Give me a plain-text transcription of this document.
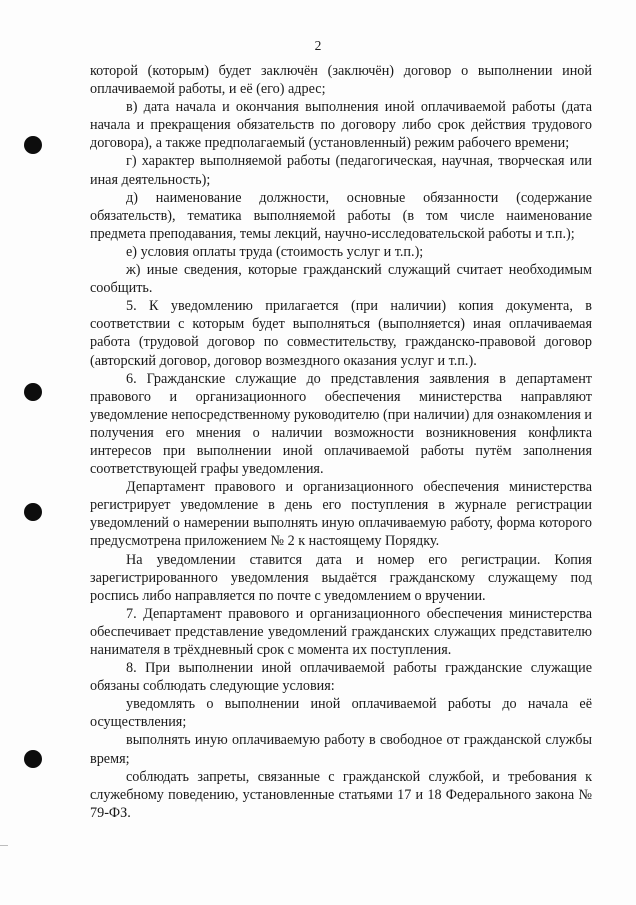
2

которой (которым) будет заключён (заключён) договор о выполнении иной оплачиваемой работы, и её (его) адрес;

в) дата начала и окончания выполнения иной оплачиваемой работы (дата начала и прекращения обязательств по договору либо срок действия трудового договора), а также предполагаемый (установленный) режим рабочего времени;

г) характер выполняемой работы (педагогическая, научная, творческая или иная деятельность);

д) наименование должности, основные обязанности (содержание обязательств), тематика выполняемой работы (в том числе наименование предмета преподавания, темы лекций, научно-исследовательской работы и т.п.);

е) условия оплаты труда (стоимость услуг и т.п.);

ж) иные сведения, которые гражданский служащий считает необходимым сообщить.

5. К уведомлению прилагается (при наличии) копия документа, в соответствии с которым будет выполняться (выполняется) иная оплачиваемая работа (трудовой договор по совместительству, гражданско-правовой договор (авторский договор, договор возмездного оказания услуг и т.п.).

6. Гражданские служащие до представления заявления в департамент правового и организационного обеспечения министерства направляют уведомление непосредственному руководителю (при наличии) для ознакомления и получения его мнения о наличии возможности возникновения конфликта интересов при выполнении иной оплачиваемой работы путём заполнения соответствующей графы уведомления.

Департамент правового и организационного обеспечения министерства регистрирует уведомление в день его поступления в журнале регистрации уведомлений о намерении выполнять иную оплачиваемую работу, форма которого предусмотрена приложением № 2 к настоящему Порядку.

На уведомлении ставится дата и номер его регистрации. Копия зарегистрированного уведомления выдаётся гражданскому служащему под роспись либо направляется по почте с уведомлением о вручении.

7. Департамент правового и организационного обеспечения министерства обеспечивает представление уведомлений гражданских служащих представителю нанимателя в трёхдневный срок с момента их поступления.

8. При выполнении иной оплачиваемой работы гражданские служащие обязаны соблюдать следующие условия:

уведомлять о выполнении иной оплачиваемой работы до начала её осуществления;

выполнять иную оплачиваемую работу в свободное от гражданской службы время;

соблюдать запреты, связанные с гражданской службой, и требования к служебному поведению, установленные статьями 17 и 18 Федерального закона № 79-ФЗ.
